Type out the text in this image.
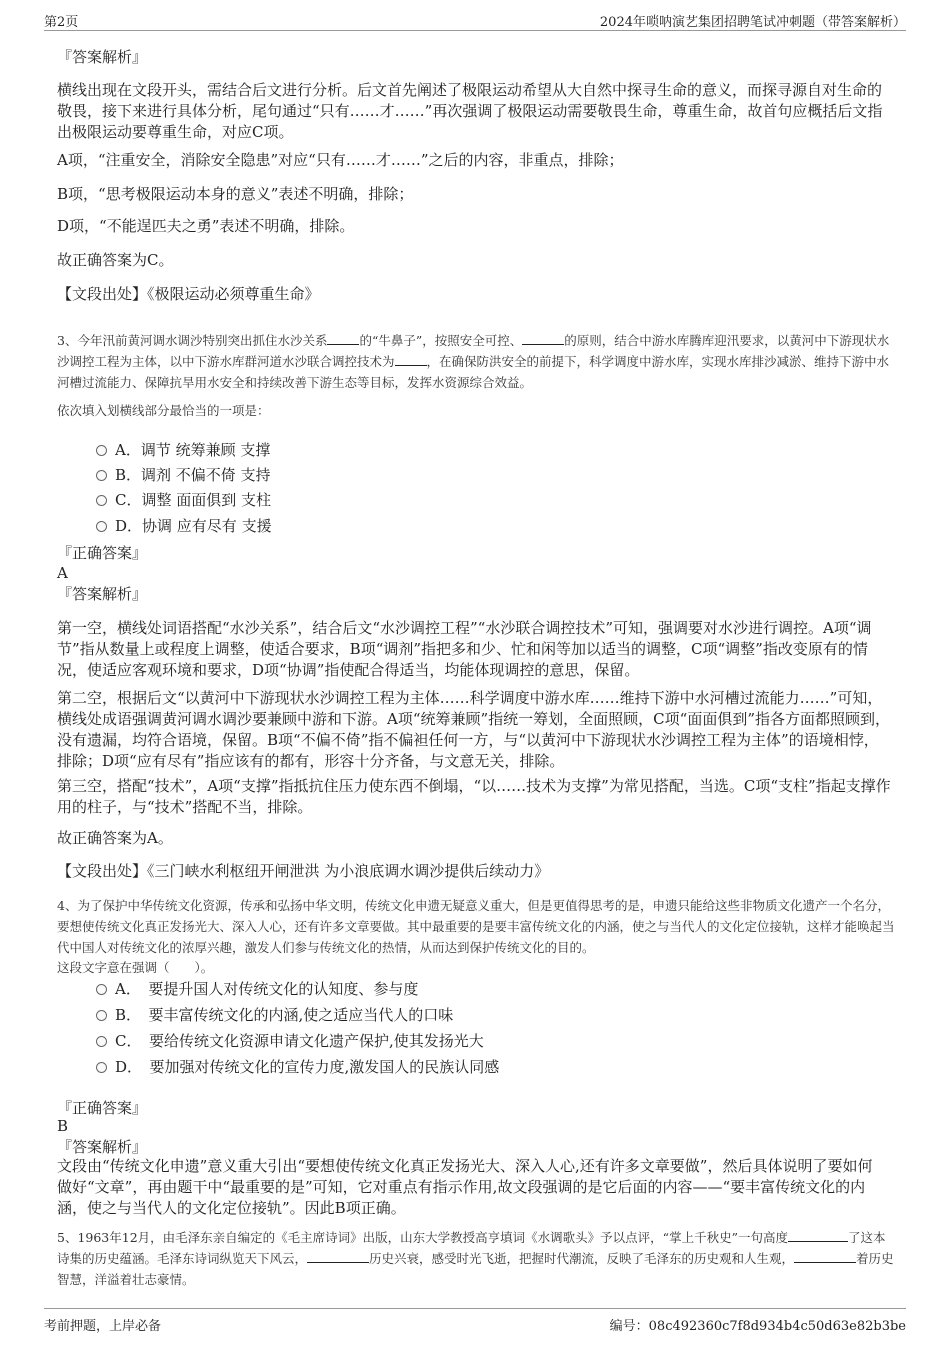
第2页	2024年唢呐演艺集团招聘笔试冲刺题（带答案解析）
『答案解析』
横线出现在文段开头，需结合后文进行分析。后文首先阐述了极限运动希望从大自然中探寻生命的意义，而探寻源自对生命的敬畏，接下来进行具体分析，尾句通过“只有……才……”再次强调了极限运动需要敬畏生命，尊重生命，故首句应概括后文指出极限运动要尊重生命，对应C项。
A项，“注重安全，消除安全隐患”对应“只有……才……”之后的内容，非重点，排除；
B项，“思考极限运动本身的意义”表述不明确，排除；
D项，“不能逞匹夫之勇”表述不明确，排除。
故正确答案为C。
【文段出处】《极限运动必须尊重生命》
3、今年汛前黄河调水调沙特别突出抓住水沙关系	的“牛鼻子”，按照安全可控、	的原则，结合中游水库腾库迎汛要求，以黄河中下游现状水沙调控工程为主体，以中下游水库群河道水沙联合调控技术为	，在确保防洪安全的前提下，科学调度中游水库，实现水库排沙减淤、维持下游中水河槽过流能力、保障抗旱用水安全和持续改善下游生态等目标，发挥水资源综合效益。
依次填入划横线部分最恰当的一项是：
A．调节 统筹兼顾 支撑
B．调剂 不偏不倚 支持
C．调整 面面俱到 支柱
D．协调 应有尽有 支援
『正确答案』
A
『答案解析』
第一空，横线处词语搭配“水沙关系”，结合后文“水沙调控工程”“水沙联合调控技术”可知，强调要对水沙进行调控。A项“调节”指从数量上或程度上调整，使适合要求，B项“调剂”指把多和少、忙和闲等加以适当的调整，C项“调整”指改变原有的情况，使适应客观环境和要求，D项“协调”指使配合得适当，均能体现调控的意思，保留。
第二空，根据后文“以黄河中下游现状水沙调控工程为主体……科学调度中游水库……维持下游中水河槽过流能力……”可知，横线处成语强调黄河调水调沙要兼顾中游和下游。A项“统筹兼顾”指统一筹划，全面照顾，C项“面面俱到”指各方面都照顾到，没有遗漏，均符合语境，保留。B项“不偏不倚”指不偏袒任何一方，与“以黄河中下游现状水沙调控工程为主体”的语境相悖，排除；D项“应有尽有”指应该有的都有，形容十分齐备，与文意无关，排除。
第三空，搭配“技术”，A项“支撑”指抵抗住压力使东西不倒塌，“以……技术为支撑”为常见搭配，当选。C项“支柱”指起支撑作用的柱子，与“技术”搭配不当，排除。
故正确答案为A。
【文段出处】《三门峡水利枢纽开闸泄洪 为小浪底调水调沙提供后续动力》
4、为了保护中华传统文化资源，传承和弘扬中华文明，传统文化申遗无疑意义重大，但是更值得思考的是，申遗只能给这些非物质文化遗产一个名分，要想使传统文化真正发扬光大、深入人心，还有许多文章要做。其中最重要的是要丰富传统文化的内涵，使之与当代人的文化定位接轨，这样才能唤起当代中国人对传统文化的浓厚兴趣，激发人们参与传统文化的热情，从而达到保护传统文化的目的。
这段文字意在强调（　　）。
A．　要提升国人对传统文化的认知度、参与度
B．　要丰富传统文化的内涵,使之适应当代人的口味
C．　要给传统文化资源申请文化遗产保护,使其发扬光大
D．　要加强对传统文化的宣传力度,激发国人的民族认同感
『正确答案』
B
『答案解析』
文段由“传统文化申遗”意义重大引出“要想使传统文化真正发扬光大、深入人心,还有许多文章要做”，然后具体说明了要如何做好“文章”，再由题干中“最重要的是”可知，它对重点有指示作用,故文段强调的是它后面的内容——“要丰富传统文化的内涵，使之与当代人的文化定位接轨”。因此B项正确。
5、1963年12月，由毛泽东亲自编定的《毛主席诗词》出版，山东大学教授高亨填词《水调歌头》予以点评，“掌上千秋史”一句高度	了这本诗集的历史蕴涵。毛泽东诗词纵览天下风云，	历史兴衰，感受时光飞逝，把握时代潮流，反映了毛泽东的历史观和人生观，	着历史智慧，洋溢着壮志豪情。
考前押题，上岸必备	编号：08c492360c7f8d934b4c50d63e82b3be
